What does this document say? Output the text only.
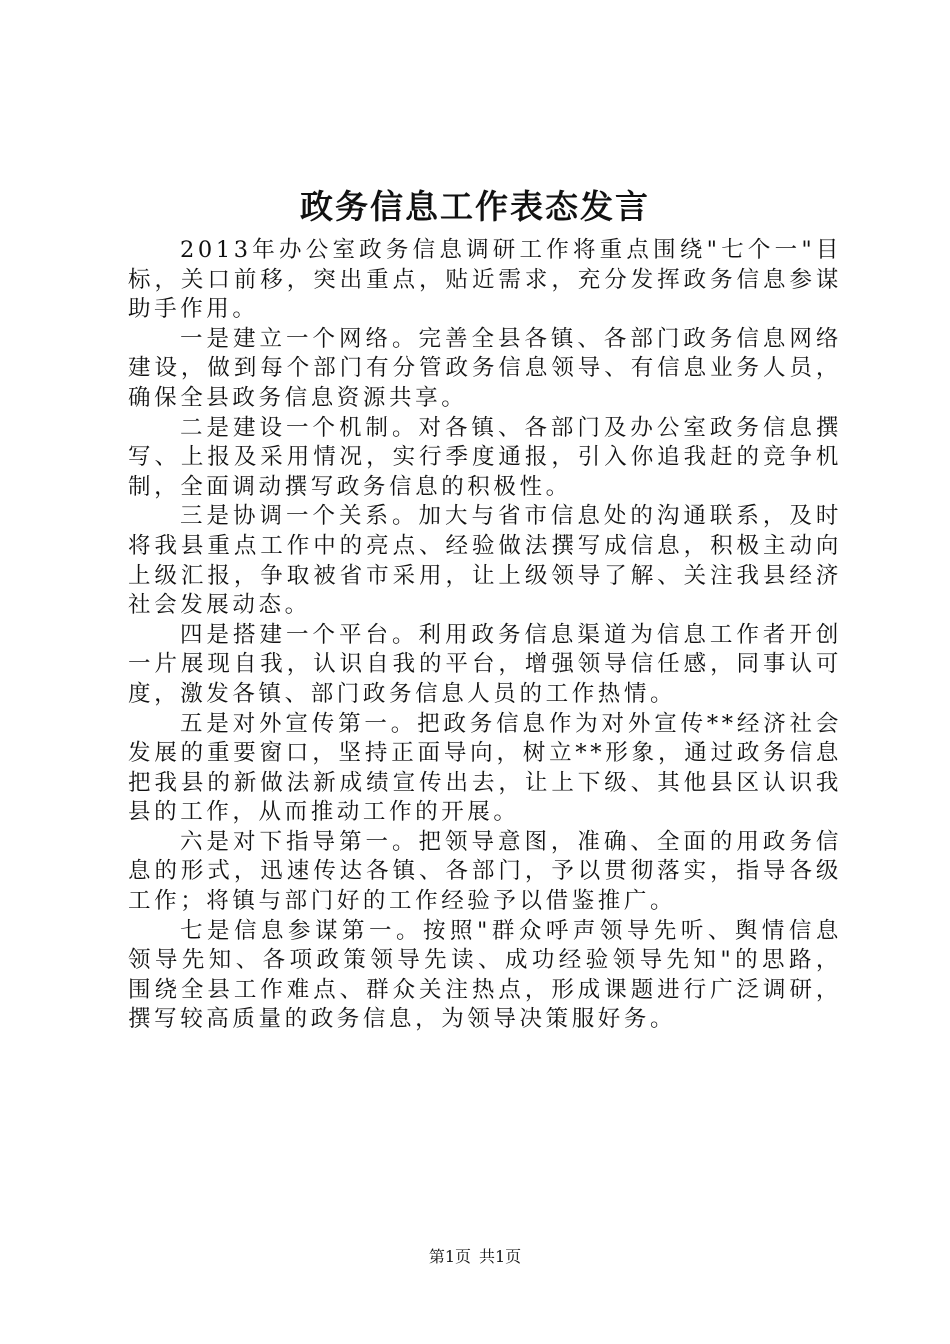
政务信息工作表态发言

2013年办公室政务信息调研工作将重点围绕"七个一"目标，关口前移，突出重点，贴近需求，充分发挥政务信息参谋助手作用。

一是建立一个网络。完善全县各镇、各部门政务信息网络建设，做到每个部门有分管政务信息领导、有信息业务人员，确保全县政务信息资源共享。

二是建设一个机制。对各镇、各部门及办公室政务信息撰写、上报及采用情况，实行季度通报，引入你追我赶的竞争机制，全面调动撰写政务信息的积极性。

三是协调一个关系。加大与省市信息处的沟通联系，及时将我县重点工作中的亮点、经验做法撰写成信息，积极主动向上级汇报，争取被省市采用，让上级领导了解、关注我县经济社会发展动态。

四是搭建一个平台。利用政务信息渠道为信息工作者开创一片展现自我，认识自我的平台，增强领导信任感，同事认可度，激发各镇、部门政务信息人员的工作热情。

五是对外宣传第一。把政务信息作为对外宣传**经济社会发展的重要窗口，坚持正面导向，树立**形象，通过政务信息把我县的新做法新成绩宣传出去，让上下级、其他县区认识我县的工作，从而推动工作的开展。

六是对下指导第一。把领导意图，准确、全面的用政务信息的形式，迅速传达各镇、各部门，予以贯彻落实，指导各级工作；将镇与部门好的工作经验予以借鉴推广。

七是信息参谋第一。按照"群众呼声领导先听、舆情信息领导先知、各项政策领导先读、成功经验领导先知"的思路，围绕全县工作难点、群众关注热点，形成课题进行广泛调研，撰写较高质量的政务信息，为领导决策服好务。

第1页 共1页
